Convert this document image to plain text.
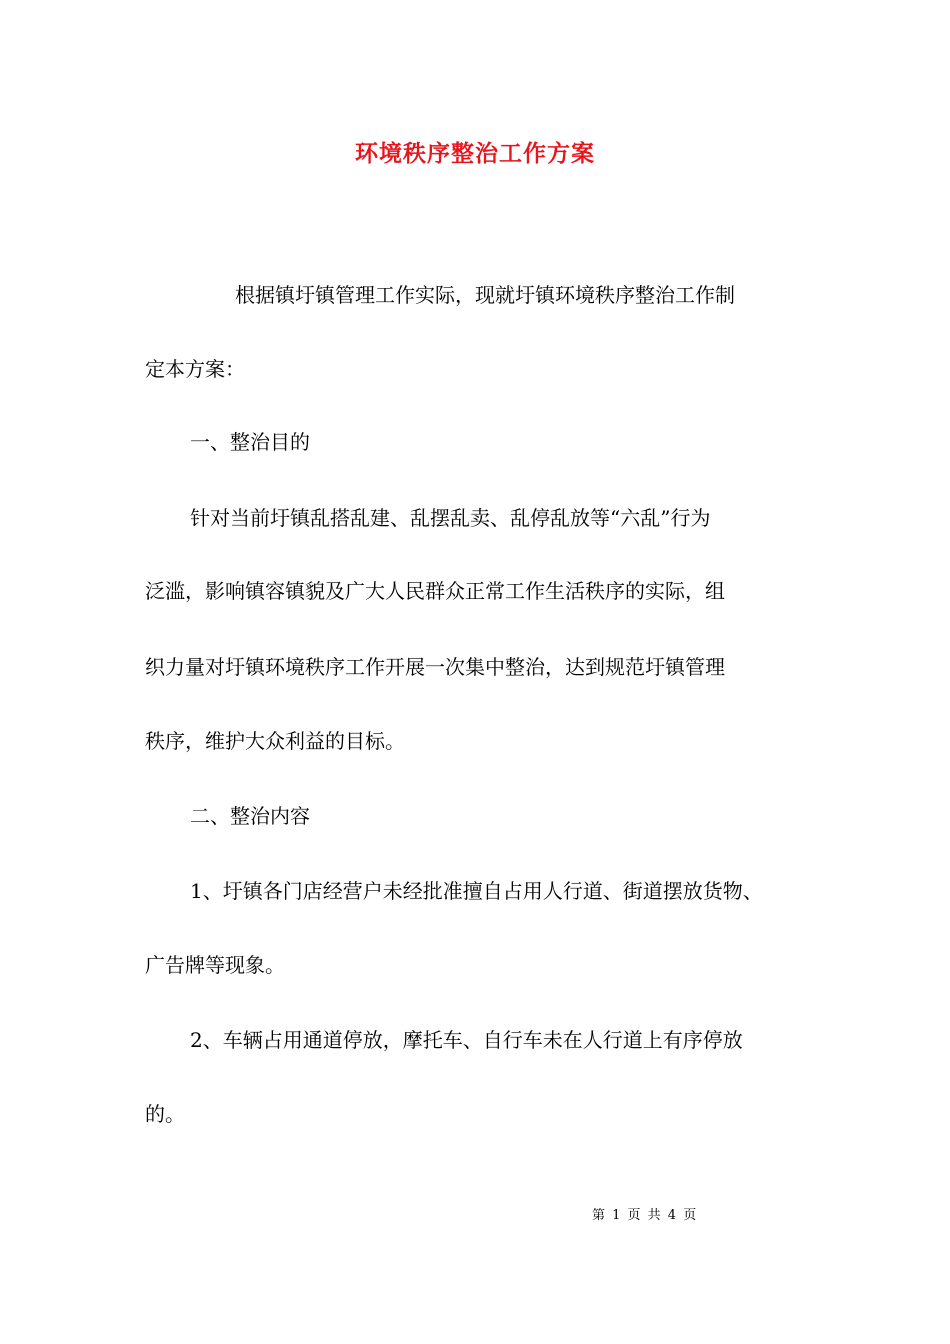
环境秩序整治工作方案
根据镇圩镇管理工作实际，现就圩镇环境秩序整治工作制
定本方案：
一、整治目的
针对当前圩镇乱搭乱建、乱摆乱卖、乱停乱放等“六乱”行为
泛滥，影响镇容镇貌及广大人民群众正常工作生活秩序的实际，组
织力量对圩镇环境秩序工作开展一次集中整治，达到规范圩镇管理
秩序，维护大众利益的目标。
二、整治内容
1、圩镇各门店经营户未经批准擅自占用人行道、街道摆放货物、
广告牌等现象。
2、车辆占用通道停放，摩托车、自行车未在人行道上有序停放
的。
第 1 页 共 4 页
